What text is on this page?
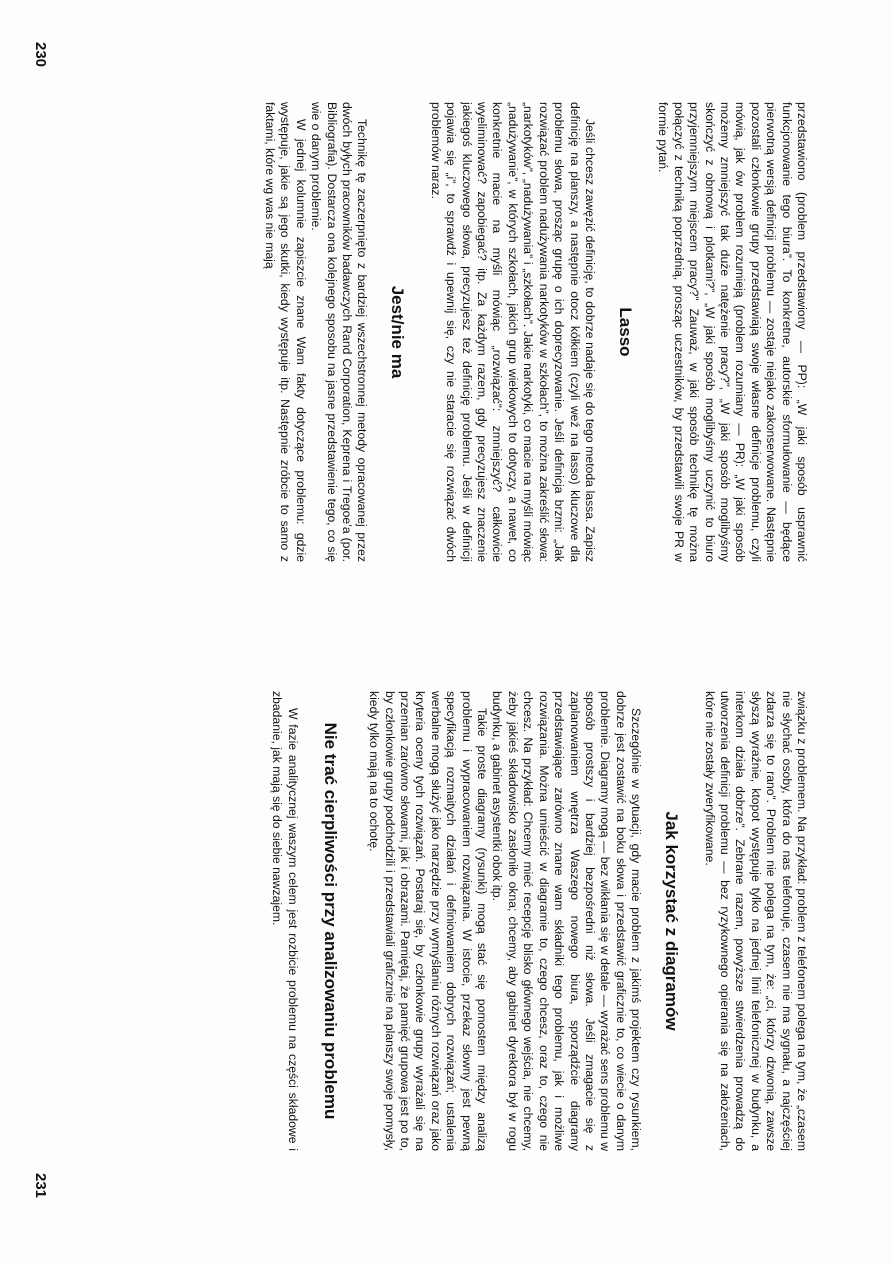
przedstawiono (problem przedstawiony — PP): „W jaki sposób usprawnić funkcjonowanie tego biura”. To konkretne, autorskie sformułowanie — będące pierwotną wersją definicji problemu — zostaje niejako zakonserwowane. Następnie pozostali członkowie grupy przedstawiają swoje własne definicje problemu, czyli mówią, jak ów problem rozumieją (problem rozumiany — PR): „W jaki sposób możemy zmniejszyć tak duże natężenie pracy?”, „W jaki sposób moglibyśmy skończyć z obmową i plotkami?”, „W jaki sposób moglibyśmy uczynić to biuro przyjemniejszym miejscem pracy?” Zauważ, w jaki sposób technikę tę można połączyć z techniką poprzednią, prosząc uczestników, by przedstawili swoje PR w formie pytań.

Lasso

Jeśli chcesz zawęzić definicję, to dobrze nadaje się do tego metoda lassa. Zapisz definicję na planszy, a następnie otocz kółkiem (czyli weź na lasso) kluczowe dla problemu słowa, prosząc grupę o ich doprecyzowanie. Jeśli definicja brzmi: „Jak rozwiązać problem nadużywania narkotyków w szkołach”, to można zakreślić słowa: „narkotyków”, „nadużywania” i „szkołach”. Jakie narkotyki, co macie na myśli mówiąc „nadużywanie”, w których szkołach, jakich grup wiekowych to dotyczy, a nawet, co konkretnie macie na myśli mówiąc „rozwiązać”: zmniejszyć? całkowicie wyeliminować? zapobiegać? itp. Za każdym razem, gdy precyzujesz znaczenie jakiegoś kluczowego słowa, precyzujesz też definicję problemu. Jeśli w definicji pojawia się „i”, to sprawdź i upewnij się, czy nie staracie się rozwiązać dwóch problemów naraz.

Jest/nie ma

Technikę tę zaczerpnięto z bardziej wszechstronnej metody opracowanej przez dwóch byłych pracowników badawczych Rand Corporation, Keprena i Tregoe’a (por. Bibliografia). Dostarcza ona kolejnego sposobu na jasne przedstawienie tego, co się wie o danym problemie.

W jednej kolumnie zapiszcie znane Wam fakty dotyczące problemu: gdzie występuje, jakie są jego skutki, kiedy występuje itp. Następnie zróbcie to samo z faktami, które wg was nie mają

230

związku z problemem. Na przykład: problem z telefonem polega na tym, że „czasem nie słychać osoby, która do nas telefonuje, czasem nie ma sygnału, a najczęściej zdarza się to rano”. Problem nie polega na tym, że: „ci, którzy dzwonią, zawsze słyszą wyraźnie, ktopot występuje tylko na jednej linii telefonicznej w budynku, a interkom działa dobrze”. Zebrane razem, powyższe stwierdzenia prowadzą do utworzenia definicji problemu — bez ryzykownego opierania się na założeniach, które nie zostały zweryfikowane.

Jak korzystać z diagramów

Szczególnie w sytuacji, gdy macie problem z jakimś projektem czy rysunkiem, dobrze jest zostawić na boku słowa i przedstawić graficznie to, co wiecie o danym problemie. Diagramy mogą — bez wikłania się w detale — wyrażać sens problemu w sposób prostszy i bardziej bezpośredni niż słowa. Jeśli zmagacie się z zaplanowaniem wnętrza Waszego nowego biura, sporządźcie diagramy przedstawiające zarówno znane wam składniki tego problemu, jak i możliwe rozwiązania. Można umieścić w diagramie to, czego chcesz, oraz to, czego nie chcesz. Na przykład: Chcemy mieć recepcję blisko głównego wejścia, nie chcemy, żeby jakieś składowisko zasłoniło okna; chcemy, aby gabinet dyrektora był w rogu budynku, a gabinet asystentki obok itp.

Takie proste diagramy (rysunki) mogą stać się pomostem między analizą problemu i wypracowaniem rozwiązania. W istocie, przekaz słowny jest pewną specyfikacją rozmaitych działań i definiowaniem dobrych rozwiązań; ustalenia werbalne mogą służyć jako narzędzie przy wymyślaniu różnych rozwiązań oraz jako kryteria oceny tych rozwiązań. Postaraj się, by członkowie grupy wyrażali się na przemian zarówno słowami, jak i obrazami. Pamiętaj, że pamięć grupowa jest po to, by członkowie grupy podchodzili i przedstawiali graficznie na planszy swoje pomysły, kiedy tylko mają na to ochotę.

Nie trać cierpliwości przy analizowaniu problemu

W fazie analitycznej waszym celem jest rozbicie problemu na części składowe i zbadanie, jak mają się do siebie nawzajem.

231
